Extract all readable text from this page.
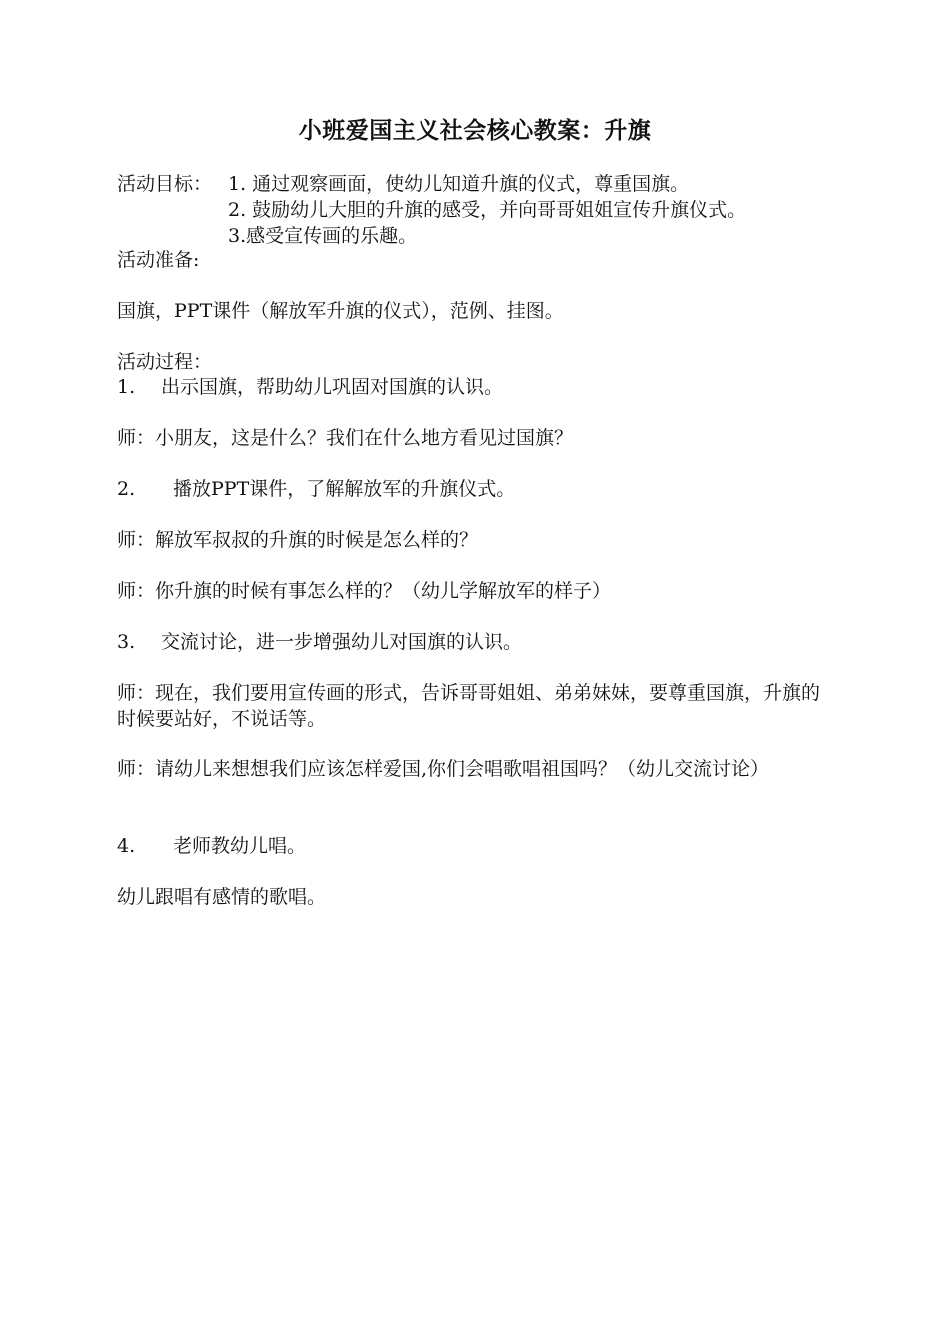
小班爱国主义社会核心教案：升旗
活动目标： 1. 通过观察画面，使幼儿知道升旗的仪式，尊重国旗。
2. 鼓励幼儿大胆的升旗的感受，并向哥哥姐姐宣传升旗仪式。
3.感受宣传画的乐趣。
活动准备:
国旗，PPT课件（解放军升旗的仪式），范例、挂图。
活动过程：
1. 出示国旗，帮助幼儿巩固对国旗的认识。
师：小朋友，这是什么？我们在什么地方看见过国旗？
2. 播放PPT课件，了解解放军的升旗仪式。
师：解放军叔叔的升旗的时候是怎么样的？
师：你升旗的时候有事怎么样的？（幼儿学解放军的样子）
3. 交流讨论，进一步增强幼儿对国旗的认识。
师：现在，我们要用宣传画的形式，告诉哥哥姐姐、弟弟妹妹，要尊重国旗，升旗的时候要站好，不说话等。
师：请幼儿来想想我们应该怎样爱国,你们会唱歌唱祖国吗？（幼儿交流讨论）
4. 老师教幼儿唱。
幼儿跟唱有感情的歌唱。
